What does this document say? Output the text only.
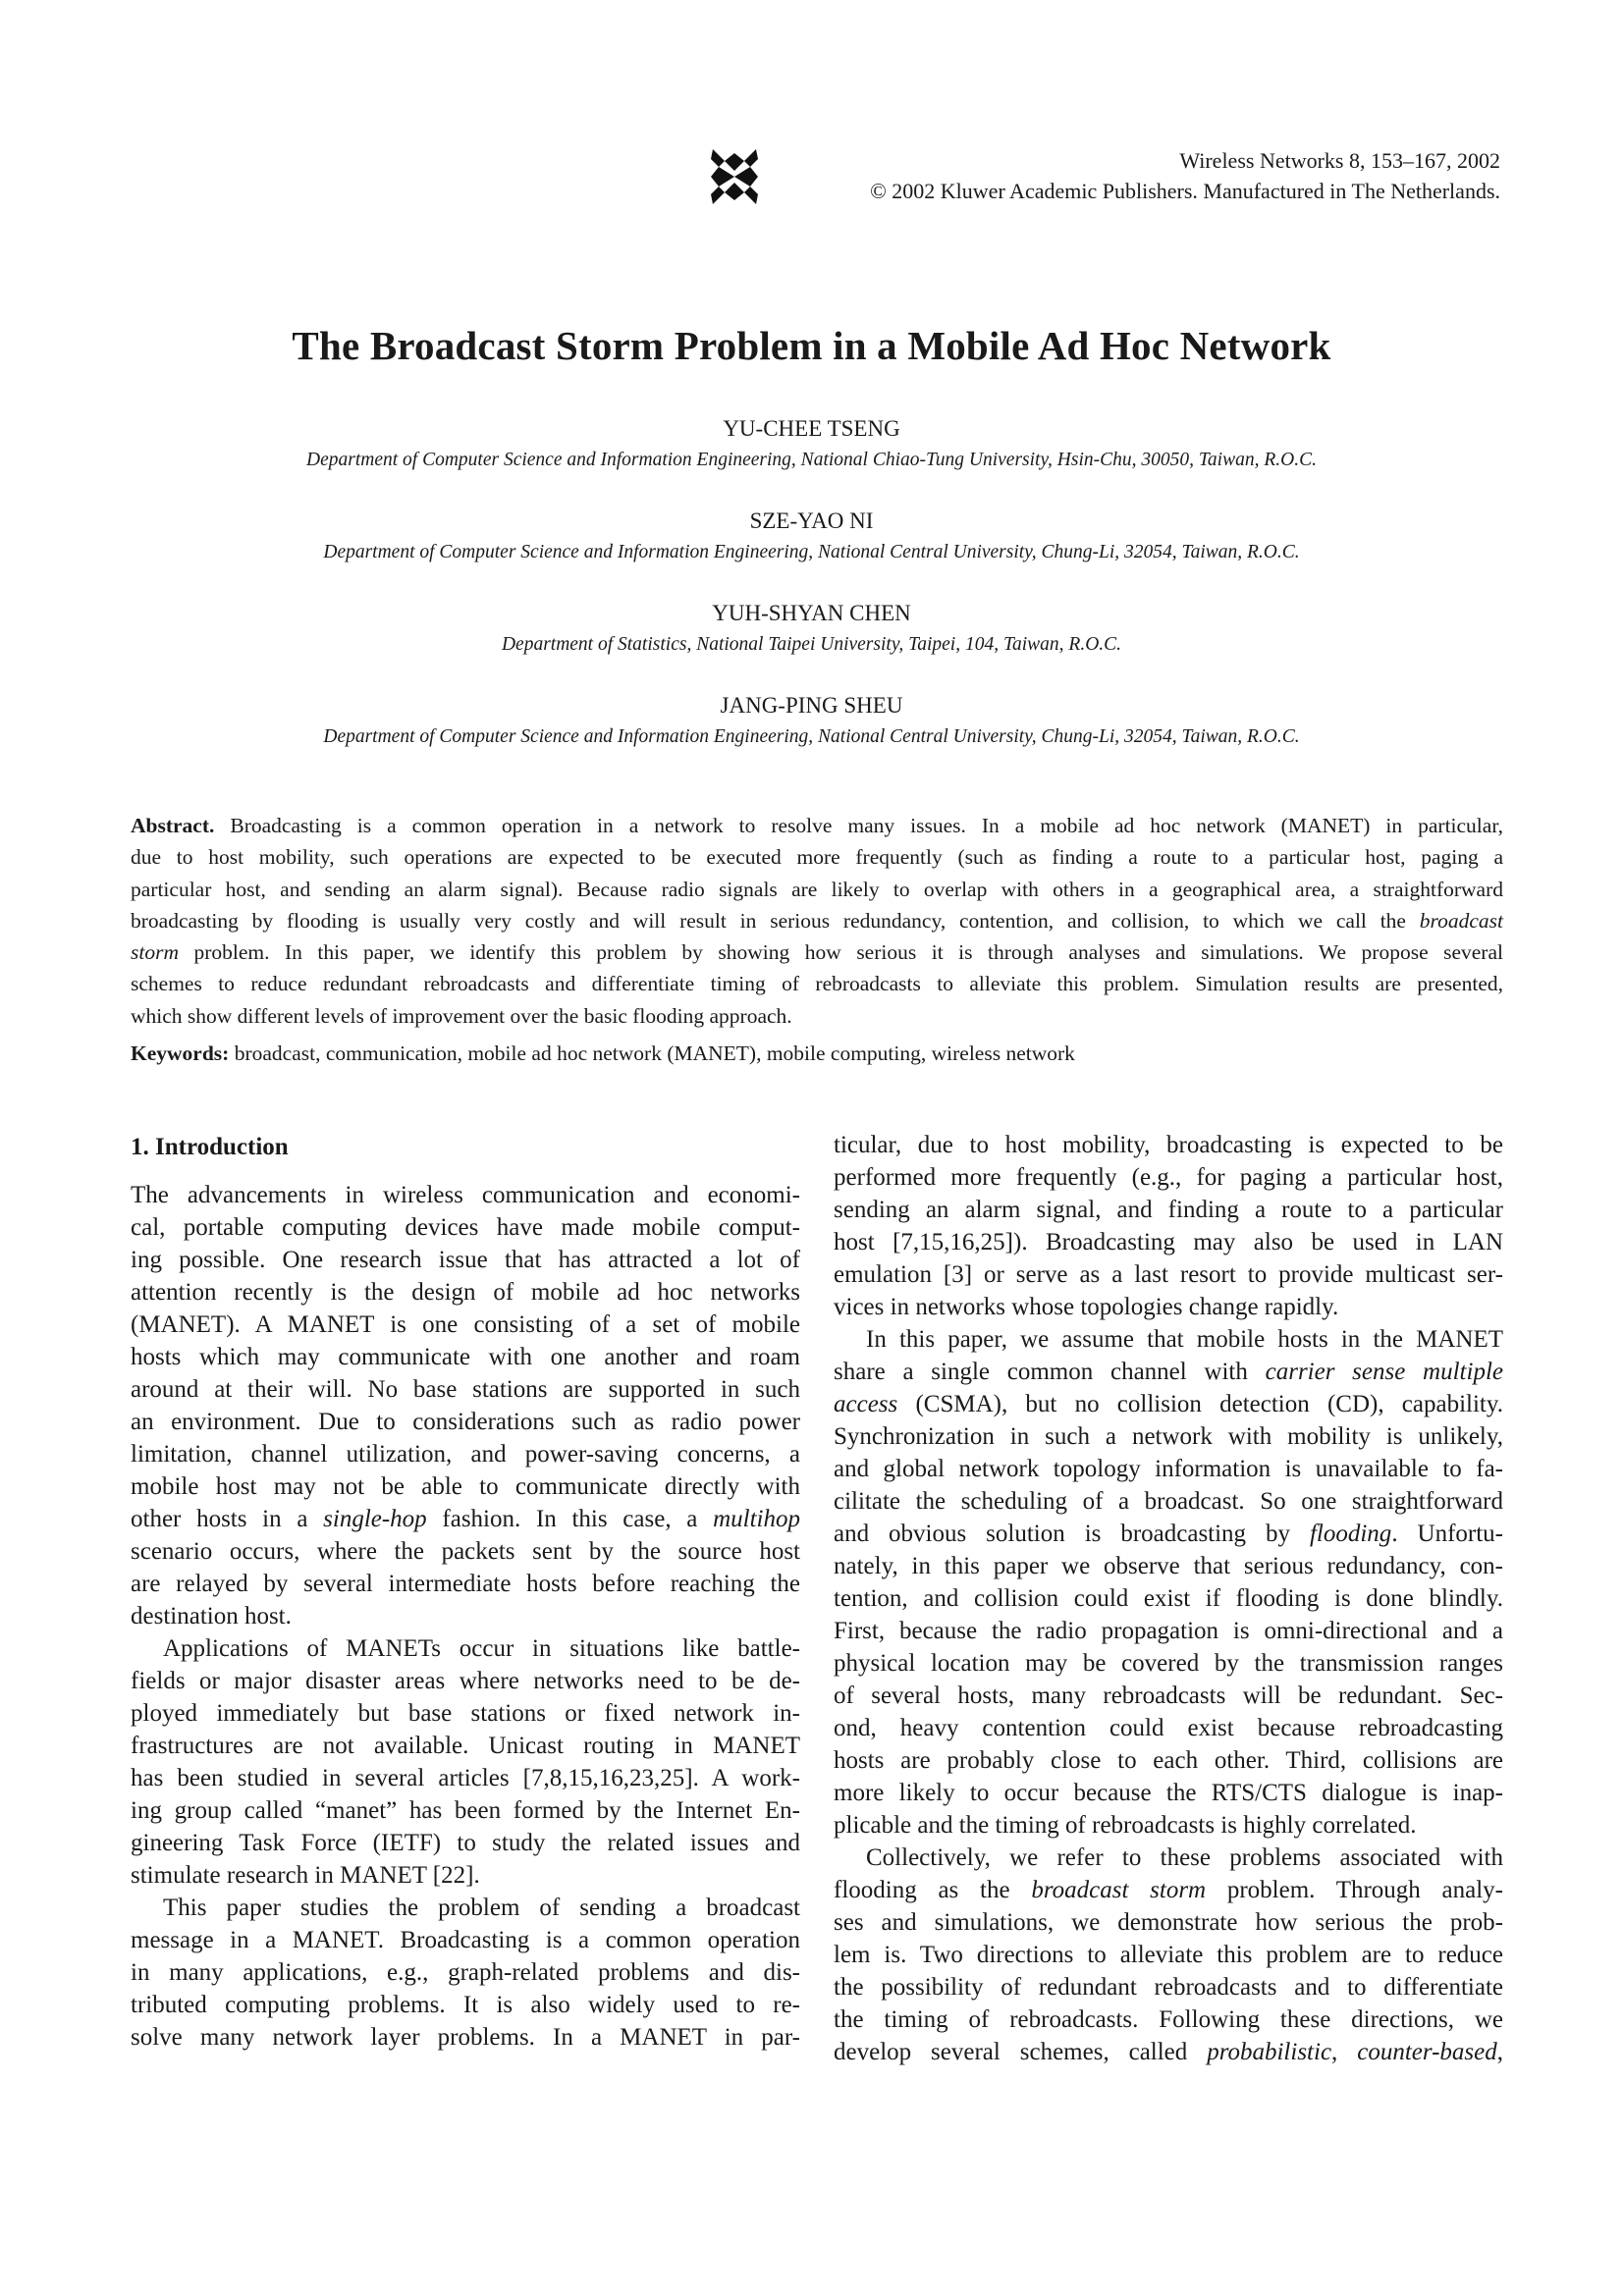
Wireless Networks 8, 153–167, 2002
© 2002 Kluwer Academic Publishers. Manufactured in The Netherlands.
The Broadcast Storm Problem in a Mobile Ad Hoc Network
YU-CHEE TSENG
Department of Computer Science and Information Engineering, National Chiao-Tung University, Hsin-Chu, 30050, Taiwan, R.O.C.
SZE-YAO NI
Department of Computer Science and Information Engineering, National Central University, Chung-Li, 32054, Taiwan, R.O.C.
YUH-SHYAN CHEN
Department of Statistics, National Taipei University, Taipei, 104, Taiwan, R.O.C.
JANG-PING SHEU
Department of Computer Science and Information Engineering, National Central University, Chung-Li, 32054, Taiwan, R.O.C.
Abstract. Broadcasting is a common operation in a network to resolve many issues. In a mobile ad hoc network (MANET) in particular,
due to host mobility, such operations are expected to be executed more frequently (such as finding a route to a particular host, paging a
particular host, and sending an alarm signal). Because radio signals are likely to overlap with others in a geographical area, a straightforward
broadcasting by flooding is usually very costly and will result in serious redundancy, contention, and collision, to which we call the broadcast
storm problem. In this paper, we identify this problem by showing how serious it is through analyses and simulations. We propose several
schemes to reduce redundant rebroadcasts and differentiate timing of rebroadcasts to alleviate this problem. Simulation results are presented,
which show different levels of improvement over the basic flooding approach.
Keywords: broadcast, communication, mobile ad hoc network (MANET), mobile computing, wireless network
1. Introduction
The advancements in wireless communication and economi-
cal, portable computing devices have made mobile comput-
ing possible. One research issue that has attracted a lot of
attention recently is the design of mobile ad hoc networks
(MANET). A MANET is one consisting of a set of mobile
hosts which may communicate with one another and roam
around at their will. No base stations are supported in such
an environment. Due to considerations such as radio power
limitation, channel utilization, and power-saving concerns, a
mobile host may not be able to communicate directly with
other hosts in a single-hop fashion. In this case, a multihop
scenario occurs, where the packets sent by the source host
are relayed by several intermediate hosts before reaching the
destination host.
Applications of MANETs occur in situations like battle-
fields or major disaster areas where networks need to be de-
ployed immediately but base stations or fixed network in-
frastructures are not available. Unicast routing in MANET
has been studied in several articles [7,8,15,16,23,25]. A work-
ing group called “manet” has been formed by the Internet En-
gineering Task Force (IETF) to study the related issues and
stimulate research in MANET [22].
This paper studies the problem of sending a broadcast
message in a MANET. Broadcasting is a common operation
in many applications, e.g., graph-related problems and dis-
tributed computing problems. It is also widely used to re-
solve many network layer problems. In a MANET in par-
ticular, due to host mobility, broadcasting is expected to be
performed more frequently (e.g., for paging a particular host,
sending an alarm signal, and finding a route to a particular
host [7,15,16,25]). Broadcasting may also be used in LAN
emulation [3] or serve as a last resort to provide multicast ser-
vices in networks whose topologies change rapidly.
In this paper, we assume that mobile hosts in the MANET
share a single common channel with carrier sense multiple
access (CSMA), but no collision detection (CD), capability.
Synchronization in such a network with mobility is unlikely,
and global network topology information is unavailable to fa-
cilitate the scheduling of a broadcast. So one straightforward
and obvious solution is broadcasting by flooding. Unfortu-
nately, in this paper we observe that serious redundancy, con-
tention, and collision could exist if flooding is done blindly.
First, because the radio propagation is omni-directional and a
physical location may be covered by the transmission ranges
of several hosts, many rebroadcasts will be redundant. Sec-
ond, heavy contention could exist because rebroadcasting
hosts are probably close to each other. Third, collisions are
more likely to occur because the RTS/CTS dialogue is inap-
plicable and the timing of rebroadcasts is highly correlated.
Collectively, we refer to these problems associated with
flooding as the broadcast storm problem. Through analy-
ses and simulations, we demonstrate how serious the prob-
lem is. Two directions to alleviate this problem are to reduce
the possibility of redundant rebroadcasts and to differentiate
the timing of rebroadcasts. Following these directions, we
develop several schemes, called probabilistic, counter-based,
